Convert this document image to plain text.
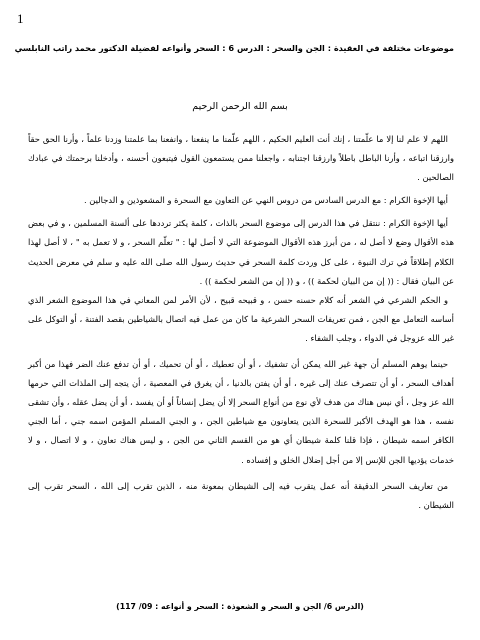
1
موضوعات مختلفة في العقيدة : الجن والسحر : الدرس 6 : السحر وأنواعه لفضيلة الدكتور محمد راتب النابلسي
بسم الله الرحمن الرحيم

اللهم لا علم لنا إلا ما علّمتنا ، إنك أنت العليم الحكيم ، اللهم علّمنا ما ينفعنا ، وانفعنا بما علمتنا وزدنا علماً ، وأرنا الحق حقاً وارزقنا اتباعه ، وأرنا الباطل باطلاً وارزقنا اجتنابه ، واجعلنا ممن يستمعون القول فيتبعون أحسنه ، وأدخلنا برحمتك في عبادك الصالحين .

أيها الإخوة الكرام : مع الدرس السادس من دروس النهي عن التعاون مع السحرة و المشعوذين و الدجالين .

أيها الإخوة الكرام : ننتقل في هذا الدرس إلى موضوع السحر بالذات ، كلمة يكثر ترددها على ألسنة المسلمين ، و في بعض هذه الأقوال وضع لا أصل له ، من أبرز هذه الأقوال الموضوعة التي لا أصل لها : " تعلّم السحر ، و لا تعمل به " ، لا أصل لهذا الكلام إطلاقاً في ترك النبوة ، على كل وردت كلمة السحر في حديث رسول الله صلى الله عليه و سلم في معرض الحديث عن البيان فقال : (( إن من البيان لحكمة )) ، و (( إن من الشعر لحكمة )) .

و الحكم الشرعي في الشعر أنه كلام حسنه حسن ، و قبيحه قبيح ، لأن الأمر لمن المعاني في هذا الموضوع الشعر الذي أساسه التعامل مع الجن ، فمن تعريفات السحر الشرعية ما كان من عمل فيه اتصال بالشياطين بقصد الفتنة ، أو التوكل على غير الله عزوجل في الدواء ، وجلب الشفاء .

حينما يوهم المسلم أن جهة غير الله يمكن أن تشفيك ، أو أن تعطيك ، أو أن تحميك ، أو أن تدفع عنك الضر فهذا من أكبر أهداف السحر ، أو أن تتصرف عنك إلى غيره ، أو أن يفتن بالدنيا ، أن يغرق في المعصية ، أن يتجه إلى الملذات التي حرمها الله عز وجل ، أي نيس هناك من هدف لأي نوع من أنواع السحر إلا أن يضل إنساناً أو أن يفسد ، أو أن يضل عقله ، وأن تشقى نفسه ، هذا هو الهدف الأكبر للسحرة الذين يتعاونون مع شياطين الجن ، و الجني المسلم المؤمن اسمه جني ، أما الجني الكافر اسمه شيطان ، فإذا قلنا كلمة شيطان أي هو من القسم الثاني من الجن ، و ليس هناك تعاون ، و لا اتصال ، و لا خدمات يؤديها الجن للإنس إلا من أجل إضلال الخلق و إفساده .

من تعاريف السحر الدقيقة أنه عمل يتقرب فيه إلى الشيطان بمعونة منه ، الذين تقرب إلى الله ، السحر تقرب إلى الشيطان .

(الدرس 6/ الجن و السحر و الشعوذة : السحر و أنواعه : 09/ 117)
